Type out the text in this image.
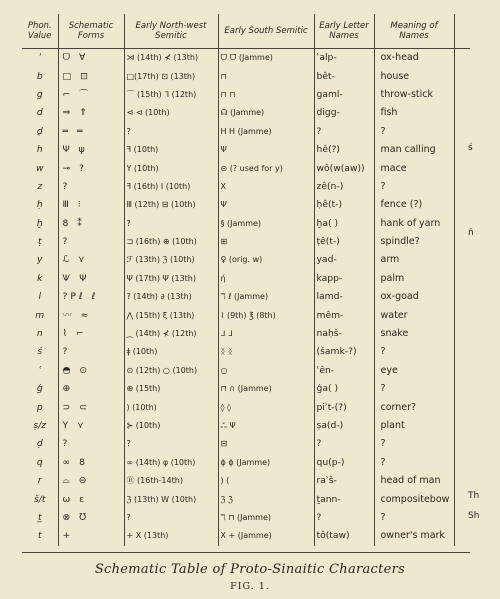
Phon. Value	Schematic Forms	Early North-west Semitic	Early South Semitic	Early Letter Names	Meaning of Names	
ʾ	ᗜ ∀	⋊ (14th) ⊀ (13th)	ᗜ ᗜ̈ (Jamme)	ʾalp-	ox-head	
b	□ ⊡	□(17th) ⊡ (13th)	⊓	bêt-	house	
g	⌐ ⌒	⌒ (15th) ᒣ (12th)	⊓ ⊓	gaml-	throw-stick	
d	⇒ ⇑	⊲ ⊲ (10th)	☊ (Jamme)	digg-	fish	
ḏ	═ ═	?	H H (Jamme)	?	?	
h	Ψ ψ	ꟻ (10th)	Ψ	hê(?)	man calling	
w	⊸ ?	Y (10th)	⊝ (? used for y)	wô(w(aw))	mace	
z	?	ꟻ (16th) I (10th)	X	zê(n-)	?	
ḥ	Ⅲ ⁝	Ⅲ (12th) ⊟ (10th)	Ψ	ḥê(t-)	fence (?)	
ḫ	8 ⁑	?	§ (Jamme)	ḫa( )	hank of yarn	
ṭ	?	⊐ (16th) ⊕ (10th)	⊞	ṭê(t-)	spindle?	
y	ℒ ⋎	ℱ (13th) ℨ (10th)	♀ (orig. w)	yad-	arm	
k	Ѱ Ψ	Ψ (17th) Ψ (13th)	ή	kapp-	palm	
l	?Pℓ ℓ	? (14th) ∂ (13th)	ℸ ℓ (Jamme)	lamd-	ox-goad	
m	〰 ≈	⋀ (15th) ξ (13th)	⌇ (9th) ℥ (8th)	mêm-	water	
n	⌇ ⌐	⁔ (14th) ⊀ (12th)	ᒧ ᒧ	naḥš-	snake	
ś	?	ǂ (10th)	ᛝ ᛝ	(šamk-?)	?	
ʿ	◓ ⊙	⊙ (12th) ○ (10th)	○	ʿên-	eye	
ǵ	⊕	⊕ (15th)	⊓ ∩ (Jamme)	ǵa( )	?	
p	⊃ ⊂	) (10th)	◊ ◊	piʾt-(?)	corner?	
ṣ/z	Y ⋎	⊱ (10th)	ஃ Ψ	ṣa(d-)	plant	
ḍ	?	?	⊟	?	?	
q	∞ 8	∞ (14th) φ (10th)	ϕ ϕ (Jamme)	qu(p-)	?	
r	⌓ ⊖	Ⓡ (16th-14th)	) (	raʾš-	head of man	
š/t	ω ε	ℨ (13th) W (10th)	ℨ ℨ	ṯann-	compositebow	
t̲	⊗ ℧	?	ℸ ⊓ (Jamme)	?	?	
t	+	+ X (13th)	X + (Jamme)	tô(taw)	owner's mark	
ś
n̄
Th
Sh
Schematic Table of Proto-Sinaitic Characters
FIG. 1.
